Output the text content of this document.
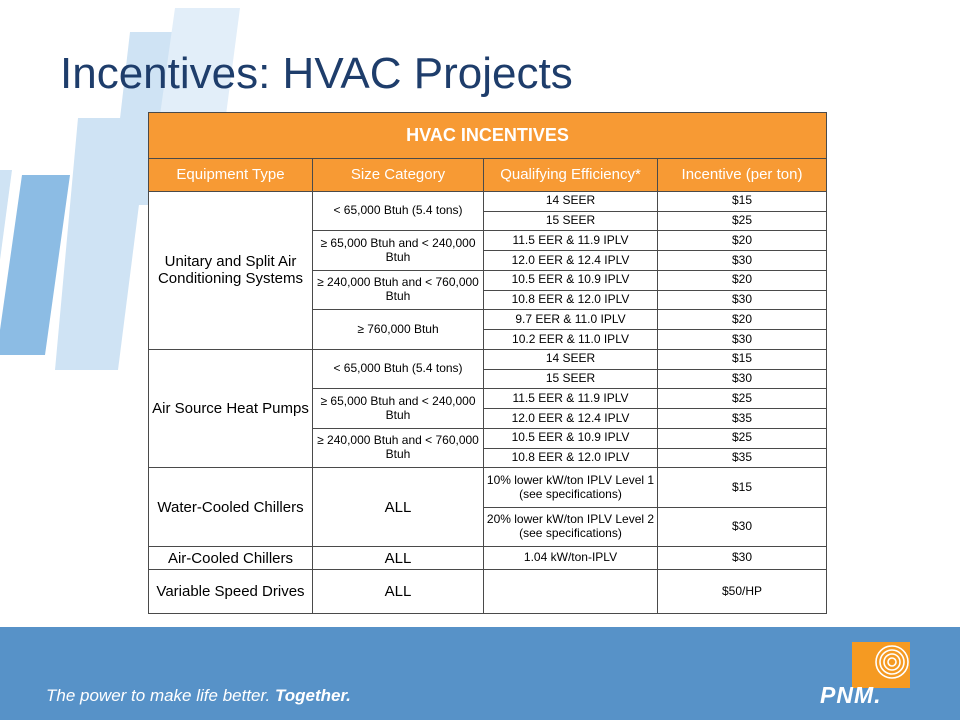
Incentives: HVAC Projects
HVAC INCENTIVES			
Equipment Type	Size Category	Qualifying Efficiency*	Incentive (per ton)
Unitary and Split Air Conditioning Systems	< 65,000 Btuh (5.4 tons)	14 SEER	$15
		15 SEER	$25
	≥ 65,000 Btuh and < 240,000 Btuh	11.5 EER & 11.9 IPLV	$20
		12.0 EER & 12.4 IPLV	$30
	≥ 240,000 Btuh and < 760,000 Btuh	10.5 EER & 10.9 IPLV	$20
		10.8 EER & 12.0 IPLV	$30
	≥ 760,000 Btuh	9.7 EER & 11.0 IPLV	$20
		10.2 EER & 11.0 IPLV	$30
Air Source Heat Pumps	< 65,000 Btuh (5.4 tons)	14 SEER	$15
		15 SEER	$30
	≥ 65,000 Btuh and < 240,000 Btuh	11.5 EER & 11.9 IPLV	$25
		12.0 EER & 12.4 IPLV	$35
	≥ 240,000 Btuh and < 760,000 Btuh	10.5 EER & 10.9 IPLV	$25
		10.8 EER & 12.0 IPLV	$35
Water-Cooled Chillers	ALL	10% lower kW/ton IPLV Level 1 (see specifications)	$15
		20% lower kW/ton IPLV Level 2 (see specifications)	$30
Air-Cooled Chillers	ALL	1.04 kW/ton-IPLV	$30
Variable Speed Drives	ALL		$50/HP
The power to make life better. Together.	PNM.
